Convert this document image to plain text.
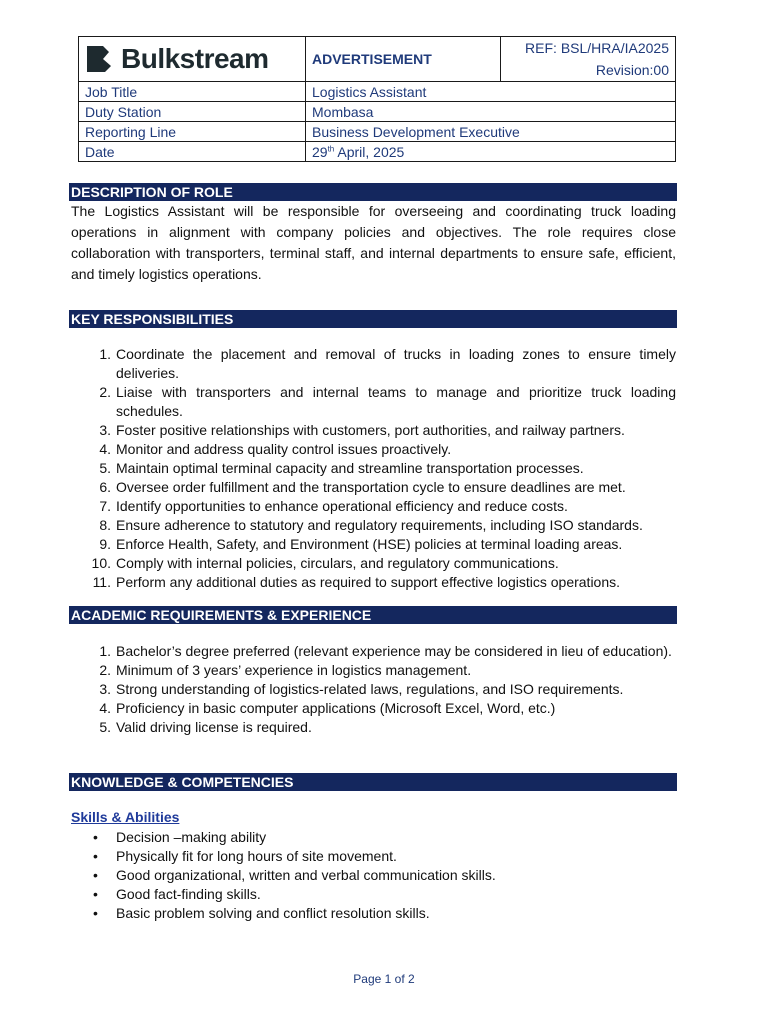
Bulkstream	ADVERTISEMENT	REF: BSL/HRA/IA2025
Revision:00

Job Title	Logistics Assistant	
Duty Station	Mombasa	
Reporting Line	Business Development Executive	
Date	29th April, 2025	
DESCRIPTION OF ROLE
The Logistics Assistant will be responsible for overseeing and coordinating truck loading operations in alignment with company policies and objectives. The role requires close collaboration with transporters, terminal staff, and internal departments to ensure safe, efficient, and timely logistics operations.
KEY RESPONSIBILITIES
1. Coordinate the placement and removal of trucks in loading zones to ensure timely deliveries.
2. Liaise with transporters and internal teams to manage and prioritize truck loading schedules.
3. Foster positive relationships with customers, port authorities, and railway partners.
4. Monitor and address quality control issues proactively.
5. Maintain optimal terminal capacity and streamline transportation processes.
6. Oversee order fulfillment and the transportation cycle to ensure deadlines are met.
7. Identify opportunities to enhance operational efficiency and reduce costs.
8. Ensure adherence to statutory and regulatory requirements, including ISO standards.
9. Enforce Health, Safety, and Environment (HSE) policies at terminal loading areas.
10. Comply with internal policies, circulars, and regulatory communications.
11. Perform any additional duties as required to support effective logistics operations.
ACADEMIC REQUIREMENTS & EXPERIENCE
1. Bachelor’s degree preferred (relevant experience may be considered in lieu of education).
2. Minimum of 3 years’ experience in logistics management.
3. Strong understanding of logistics-related laws, regulations, and ISO requirements.
4. Proficiency in basic computer applications (Microsoft Excel, Word, etc.)
5. Valid driving license is required.
KNOWLEDGE & COMPETENCIES
Skills & Abilities
• Decision –making ability
• Physically fit for long hours of site movement.
• Good organizational, written and verbal communication skills.
• Good fact-finding skills.
• Basic problem solving and conflict resolution skills.
Page 1 of 2
